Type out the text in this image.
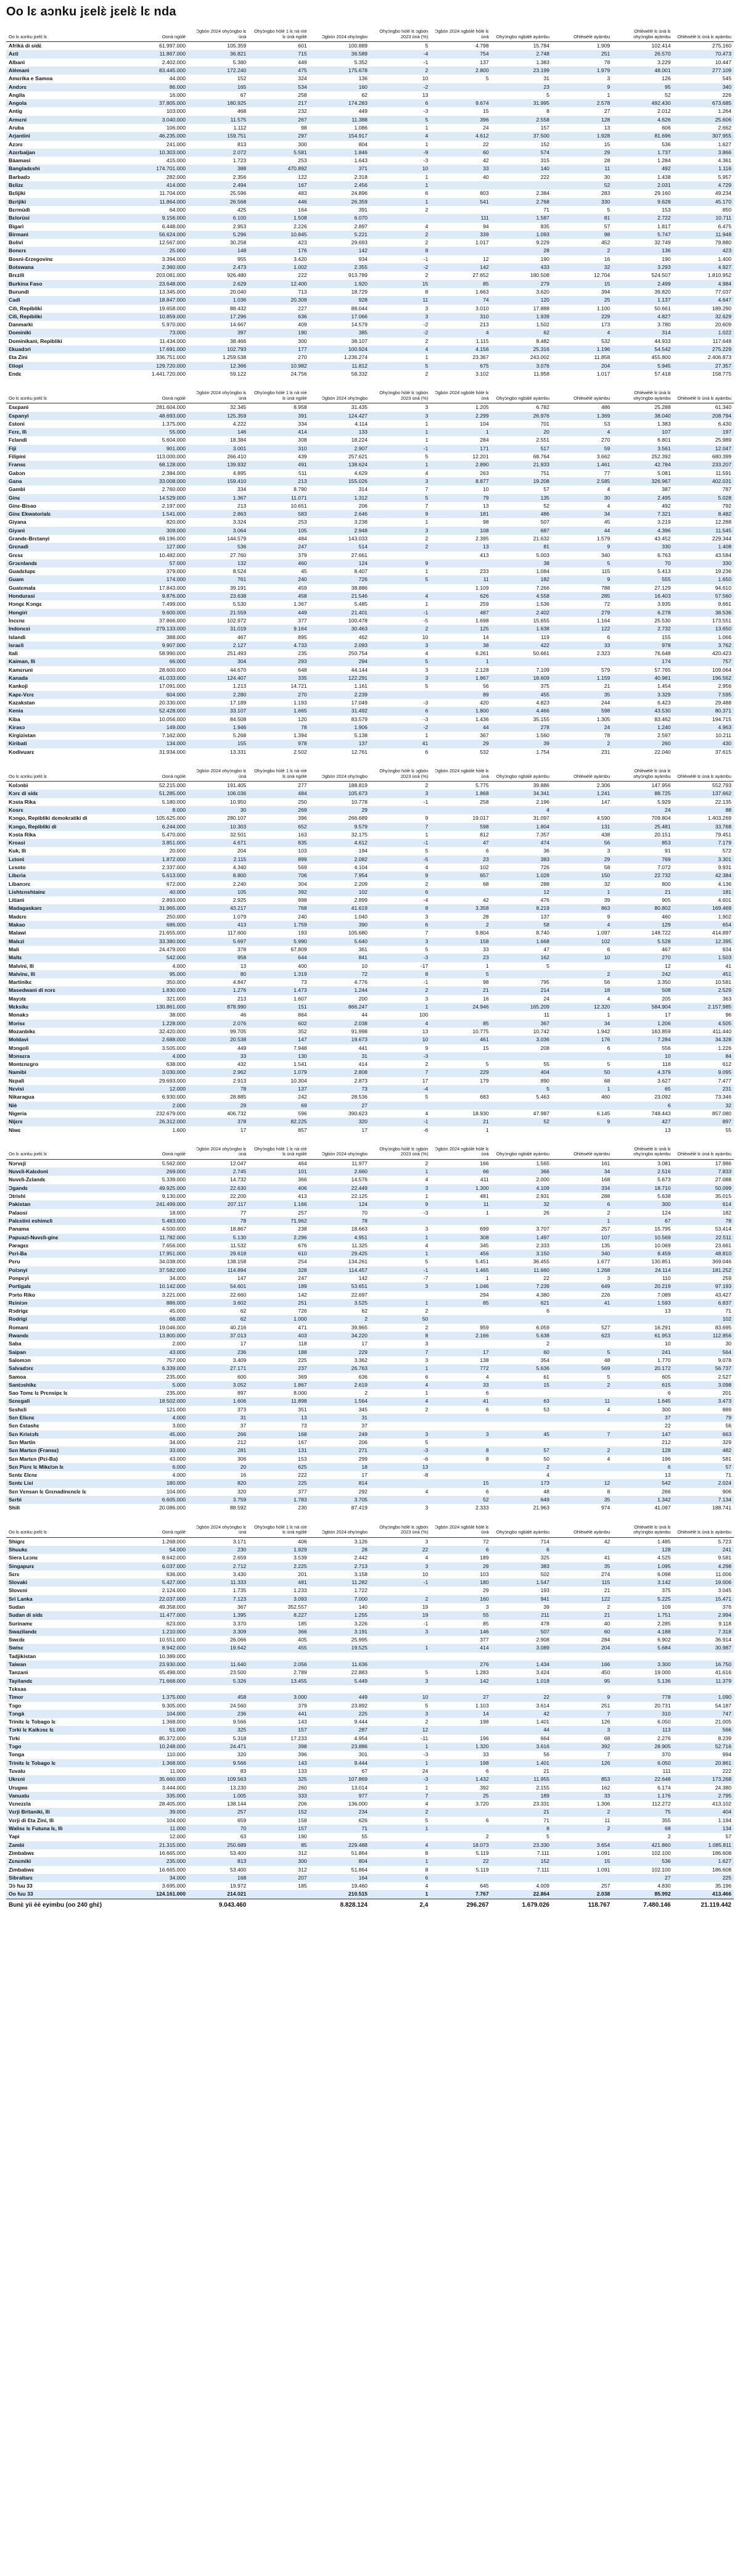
Oo lɛ aɔnku jɛelɛ̀ jɛelɛ̀ lɛ nda
Oo lɛ aɔnku jɛelɛ̀ lɛ	Oonà ngòlè	Ɔgbòn 2024 ohyɔ̀ngbo lɛ ùnà	Ohyɔ̀ngbo hòlè 1 lɛ nà nìè lɛ ùnà ngòlè	Ɔgbòn 2024 ohyɔ̀ngbo	Ohyɔ̀ngbo hòlè lɛ ɔgbòn 2023 ùnà (%)	Ɔgbòn 2024 ngbòlè hòlè lɛ ùnà	Ohyɔ̀ngbo ngbàlè ayàmbu	Ohlèwèlè ayàmbu	Ohlèwèlè lɛ ùnà lɛ ohyɔ̀ngbo ayàmbu	Ohlèwèlè lɛ ùnà lɛ ayàmbu
Afrikà di sídɛ̀	61.997.000	105.359	601	100.889	5	4.798	15.784	1.909	102.414	275.160
Aɛtì	11.867.000	36.821	715	36.589	-4	754	2.748	251	26.570	70.473
Albanì	2.402.000	5.380	449	5.352	-1	137	1.383	78	3.229	10.447
Alèmanì	83.445.000	172.240	475	175.678	2	2.800	23.199	1.979	48.001	277.109
Amɛrika e Samoa	44.000	152	324	136	10	5	31	3	126	545
Andɔrɛ	86.000	165	534	160	-2		23	9	95	340
Angila	16.000	67	258	62	13		5	1	52	226
Angola	37.805.000	180.925	217	174.283	6	9.674	31.995	2.578	492.430	673.685
Antig	103.000	468	232	449	-3	15	8	27	2.012	1.264
Armɛni	3.040.000	11.575	267	11.388	5	396	2.558	128	4.626	25.606
Aruba	106.000	1.112	98	1.086	1	24	157	13	606	2.662
Arjantinì	46.235.000	159.751	297	154.917	4	4.612	37.500	1.928	81.696	307.955
Azɔrɛ	241.000	813	300	804	1	22	152	15	536	1.627
Azɛrbaijan	10.303.000	2.072	5.581	1.846	-9	60	574	29	1.737	3.866
Bàamasì	415.000	1.723	253	1.643	-3	42	315	28	1.284	4.361
Bangladɛshì	174.701.000	388	470.892	371	10	33	140	11	492	1.116
Barbadɔ	282.000	2.356	122	2.318	1	40	222	30	1.438	5.957
Bɛlizɛ	414.000	2.494	167	2.456	1			52	2.031	4.729
Bɛlìjikì	11.704.000	25.596	483	24.896	6	803	2.384	283	29.160	49.234
Bɛrìjikì	11.864.000	26.568	446	26.359	1	541	2.768	330	9.628	45.170
Bɛrmùdì	64.000	425	164	391	2		71	5	153	850
Bɛlorùsi	9.156.000	6.100	1.508	6.070		111	1.587	81	2.722	10.711
Bìgarì	6.448.000	2.953	2.226	2.897	4	94	835	57	1.817	6.475
Birmanì	56.624.000	5.296	10.845	5.221	2	339	1.093	98	5.747	11.948
Bolivì	12.567.000	30.258	423	29.693	2	1.017	9.229	452	32.749	79.880
Bonɛrɛ	25.000	148	176	142	8		28	2	136	423
Bosnì-Ɛrzegovinɛ	3.394.000	955	3.420	934	-1	12	190	16	190	1.400
Botswana	2.360.000	2.473	1.002	2.355	-2	142	433	32	3.293	4.927
Brɛzilì	203.081.000	926.480	222	913.789	2	27.652	180.508	12.704	524.507	1.810.952
Burkina Faso	23.648.000	2.629	12.400	1.920	15	85	279	15	2.499	4.984
Burundì	13.345.000	20.040	713	18.729	8	1.663	3.620	394	39.820	77.037
Cadì	18.847.000	1.036	20.309	928	11	74	120	25	1.137	4.647
Cilì, Repibliki	19.658.000	88.432	227	88.044	3	3.010	17.888	1.100	50.661	189.290
Cilì, Repibliki	10.859.000	17.296	636	17.066	3	310	1.939	229	4.827	32.629
Danmarkì	5.970.000	14.667	409	14.579	-2	213	1.502	173	3.780	20.609
Dominikì	73.000	397	190	385	-2	4	62	4	314	1.022
Dominikanì, Repibliki	11.434.000	38.466	300	38.107	2	1.115	8.482	532	44.933	117.648
Ɛkuadɔrì	17.691.000	102.793	177	100.924	4	4.156	25.316	1.196	54.542	275.229
Ɛta Zini	336.751.000	1.259.538	270	1.236.274	1	23.367	243.002	11.858	455.800	2.406.873
Ɛtiopì	129.720.000	12.366	10.982	11.812	5	675	3.076	204	5.945	27.357
Endɛ	1.441.720.000	59.122	24.756	58.332	2	3.102	11.958	1.017	57.418	158.775
Oo lɛ aɔnku jɛelɛ̀ lɛ	Oonà ngòlè	Ɔgbòn 2024 ohyɔ̀ngbo lɛ ùnà	Ohyɔ̀ngbo hòlè 1 lɛ nà nìè lɛ ùnà ngòlè	Ɔgbòn 2024 ohyɔ̀ngbo	Ohyɔ̀ngbo hòlè lɛ ɔgbòn 2023 ùnà (%)	Ɔgbòn 2024 ngbòlè hòlè lɛ ùnà	Ohyɔ̀ngbo ngbàlè ayàmbu	Ohlèwèlè ayàmbu	Ohlèwèlè lɛ ùnà lɛ ohyɔ̀ngbo ayàmbu	Ohlèwèlè lɛ ùnà lɛ ayàmbu
Ɛsɛpanì	281.604.000	32.345	8.958	31.435	3	1.205	6.782	486	25.288	61.340
Ɛspanyì	48.693.000	125.359	391	124.427	3	2.299	26.976	1.369	38.040	208.794
Ɛstoni	1.375.000	4.222	334	4.114	1	104	701	53	1.383	6.430
Fɛrɛ, Ilì	55.000	146	414	133	1	1	20	4	107	197
Fɛlandì	5.604.000	18.384	308	18.224	1	284	2.551	270	6.801	25.989
Fiji	901.000	3.001	310	2.907	-1	171	517	59	3.561	12.047
Filipinì	113.000.000	266.410	439	257.621	5	12.201	68.764	3.662	252.392	680.399
Fransɛ	68.128.000	139.932	491	138.624	1	2.890	21.933	1.461	42.784	233.207
Gabɔn	2.384.000	4.895	511	4.629	4	263	751	77	5.081	11.591
Gana	33.008.000	159.410	213	155.026	3	8.877	19.208	2.585	326.967	402.031
Gambì	2.760.000	334	8.790	314	7	10	57	4	387	787
Ginɛ	14.529.000	1.367	11.071	1.312	5	79	135	30	2.495	5.028
Ginɛ-Bisao	2.197.000	213	10.651	206	7	13	52	4	492	792
Ginɛ Ekwatorialɛ	1.541.000	2.863	583	2.646	9	181	486	34	7.321	8.482
Giyana	820.000	3.324	253	3.238	1	98	507	45	3.219	12.288
Giyanì	309.000	3.064	105	2.948	3	108	687	44	4.396	11.545
Grandɛ-Brɛtanyi	69.196.000	144.579	484	143.033	2	2.395	21.632	1.579	43.452	229.344
Grɛnadì	127.000	536	247	514	2	13	81	9	330	1.408
Grɛsɛ	10.482.000	27.760	379	27.661		413	5.003	340	6.763	43.584
Grɔɛnlandɛ	57.000	132	460	124	9		38	5	70	330
Guadɛlupɛ	379.000	8.524	45	8.407	1	233	1.084	115	5.413	19.236
Guam	174.000	761	240	726	5	11	182	9	555	1.650
Guatɛmala	17.843.000	39.191	459	38.886		1.109	7.266	788	27.129	94.610
Hondurasì	9.876.000	23.638	458	21.546	4	626	4.558	285	16.403	57.560
Hɔngɛ Kɔngɛ	7.499.000	5.530	1.367	5.485	1	259	1.536	72	3.935	9.661
Hongirì	9.600.000	21.559	449	21.401	-1	487	2.402	279	6.278	38.536
Ìncɛnɛ	37.866.000	102.972	377	100.478	-5	1.698	15.655	1.164	25.530	173.551
Indonɛsì	279.133.000	31.019	9.164	30.463	2	125	1.638	122	2.732	13.650
Islandì	388.000	467	895	462	10	14	119	6	155	1.066
Israɛlì	9.907.000	2.127	4.733	2.093	3	38	422	33	978	3.762
Italì	58.990.000	251.493	235	250.754	4	6.261	50.661	2.323	76.648	420.423
Kaiman, Ilì	66.000	304	293	294	5	1			174	757
Kamɛrunì	28.600.000	44.670	648	44.144	3	2.128	7.109	579	57.765	109.064
Kanada	41.033.000	124.407	335	122.291	3	1.867	18.609	1.159	40.981	196.562
Kankojì	17.091.000	1.213	14.721	1.161	5	56	375	21	1.454	2.956
Kapɛ-Vɛrɛ	604.000	2.280	270	2.239		89	455	35	3.329	7.595
Kazakstan	20.330.000	17.189	1.193	17.049	-3	420	4.823	244	6.423	29.488
Kenia	52.428.000	33.107	1.665	31.492	6	1.800	4.466	598	43.530	80.371
Kiba	10.056.000	84.508	120	83.579	-3	1.436	35.155	1.305	83.462	194.715
Kirasɔ	149.000	1.946	78	1.906	-2	44	278	24	1.240	4.963
Kirgìzistan	7.162.000	5.268	1.394	5.138	1	367	1.560	78	2.597	10.211
Kiribati	134.000	155	978	137	41	29	39	2	260	430
Kodivuarɛ	31.934.000	13.331	2.502	12.761	6	532	1.754	231	22.040	37.615
Oo lɛ aɔnku jɛelɛ̀ lɛ	Oonà ngòlè	Ɔgbòn 2024 ohyɔ̀ngbo lɛ ùnà	Ohyɔ̀ngbo hòlè 1 lɛ nà nìè lɛ ùnà ngòlè	Ɔgbòn 2024 ohyɔ̀ngbo	Ohyɔ̀ngbo hòlè lɛ ɔgbòn 2023 ùnà (%)	Ɔgbòn 2024 ngbòlè hòlè lɛ ùnà	Ohyɔ̀ngbo ngbàlè ayàmbu	Ohlèwèlè ayàmbu	Ohlèwèlè lɛ ùnà lɛ ohyɔ̀ngbo ayàmbu	Ohlèwèlè lɛ ùnà lɛ ayàmbu
Kolɔnbì	52.215.000	191.405	277	188.819	2	5.775	39.886	2.306	147.956	552.793
Kɔrɛ di sídɛ	51.285.000	106.036	484	105.673	3	1.868	34.341	1.241	88.725	137.662
Kɔsta Rika	5.180.000	10.950	250	10.778	-1	258	2.196	147	5.929	22.135
Kosrɛ	8.000	30	269	29			4		24	88
Kɔngo, Repìbliki dɛmokratiki di	105.625.000	280.107	396	266.689	9	19.017	31.097	4.590	709.804	1.403.269
Kɔngo, Repìbliki di	6.244.000	10.303	652	9.579	7	598	1.804	131	25.481	33.768
Kɔsta Rika	5.470.000	32.501	163	32.175	1	812	7.357	438	20.151	79.451
Kroasì	3.851.000	4.671	835	4.612	-1	47	474	56	853	7.179
Kuk, Ilì	20.000	204	103	194	5	6	36	3	91	572
Lɛtonì	1.872.000	2.115	899	2.082	-5	23	383	29	769	3.301
Lɛsoto	2.337.000	4.340	569	4.104	4	102	726	58	7.072	9.931
Libɛrìa	5.613.000	8.800	706	7.954	9	657	1.028	150	22.732	42.384
Libanɔrɛ	672.000	2.240	304	2.209	2	68	288	32	800	4.136
Lishtɛnshtainɛ	40.000	105	392	102	6		12	1	21	181
Litianì	2.893.000	2.925	998	2.899	-4	42	476	39	905	4.601
Madagaskarɛ	31.965.000	43.217	768	41.619	8	3.358	8.219	863	80.802	169.469
Madɛrɛ	250.000	1.079	240	1.040	3	28	137	9	460	1.902
Makao	686.000	413	1.759	390	6	2	58	4	129	654
Malawi	21.655.000	117.600	193	105.680	7	9.804	8.740	1.097	148.722	414.897
Malɛzì	33.380.000	5.697	5.990	5.640	3	158	1.668	102	5.528	12.395
Mali	24.479.000	378	67.809	361	5	33	47	6	467	934
Maltɛ	542.000	958	644	841	-3	23	162	10	270	1.503
Malvinì, Ilì	4.000	13	400	10	-17	1	5		12	41
Malvinɛ, Ilì	95.000	80	1.319	72	8	5		2	242	451
Martinikɛ	350.000	4.847	73	4.776	-1	98	795	56	3.350	10.581
Masedwanì di nɔrɛ	1.830.000	1.276	1.473	1.244	2	21	214	18	508	2.529
Mayɔtɛ	321.000	213	1.607	200	3	16	24	4	205	363
Mɛksikɛ	130.861.000	878.990	151	866.247	1	24.946	165.209	12.320	584.904	2.157.985
Monakɔ	38.000	46	864	44	100		11	1	17	96
Mɔrisɛ	1.228.000	2.076	602	2.038	4	85	367	34	1.206	4.505
Mozanbikɛ	32.420.000	99.705	352	91.998	13	10.775	10.742	1.942	163.859	411.440
Moldavì	2.688.000	20.538	147	19.673	10	461	3.036	176	7.284	34.328
Mɔngolì	3.505.000	449	7.948	441	9	15	208	6	556	1.226
Mɔnsɛra	4.000	33	130	31	-3				10	84
Montɛnɛgro	638.000	432	1.541	414	2	5	55	5	118	612
Namibì	3.030.000	2.962	1.079	2.808	7	229	404	50	4.379	9.095
Nɛpalì	29.693.000	2.913	10.304	2.873	17	179	890	68	3.627	7.477
Nɛvisì	12.000	78	137	73	-4		5	1	65	231
Nikaragua	6.930.000	28.885	242	28.536	5	683	5.463	460	23.092	73.346
Niè	2.000	29	69	27					6	32
Nìgeria	232.679.000	406.732	596	390.623	4	18.930	47.987	6.145	748.443	857.080
Nìjɛrɛ	26.312.000	378	82.225	320	-1	21	52	9	427	897
Nìwɛ	1.600	17	857	17	-6	1			13	55
Oo lɛ aɔnku jɛelɛ̀ lɛ	Oonà ngòlè	Ɔgbòn 2024 ohyɔ̀ngbo lɛ ùnà	Ohyɔ̀ngbo hòlè 1 lɛ nà nìè lɛ ùnà ngòlè	Ɔgbòn 2024 ohyɔ̀ngbo	Ohyɔ̀ngbo hòlè lɛ ɔgbòn 2023 ùnà (%)	Ɔgbòn 2024 ngbòlè hòlè lɛ ùnà	Ohyɔ̀ngbo ngbàlè ayàmbu	Ohlèwèlè ayàmbu	Ohlèwèlè lɛ ùnà lɛ ohyɔ̀ngbo ayàmbu	Ohlèwèlè lɛ ùnà lɛ ayàmbu
Nɔrvɛjì	5.562.000	12.047	464	11.977	2	166	1.565	161	3.081	17.986
Nuvɛlì-Kalɛdonì	269.000	2.745	101	2.660	1	66	366	34	2.516	7.833
Nuvɛlì-Zɛlandɛ	5.339.000	14.732	366	14.576	4	411	2.000	168	5.673	27.088
Ɔgandɛ	49.925.000	22.630	406	22.449	3	1.300	4.109	334	18.710	50.099
Ɔtrishì	9.130.000	22.200	413	22.125	1	481	2.931	288	5.638	35.015
Pakistan	241.499.000	207.117	1.166	124	9	11	32	6	300	614
Palaosì	18.000	77	257	70	-3	1	26	2	124	182
Palɛstinì eshimɛlì	5.483.000	78	71.962	78				1	67	78
Panama	4.500.000	18.867	238	18.663	3	699	3.707	257	15.795	53.414
Papuazì-Nuvɛlì-ginɛ	11.782.000	5.130	2.296	4.951	1	308	1.497	107	10.569	22.511
Paragɛɛ	7.656.000	11.532	676	11.325	4	345	2.333	135	10.069	23.661
Pɛri-Ba	17.951.000	29.618	610	29.425	1	456	3.150	340	8.459	48.810
Pɛru	34.038.000	138.158	254	134.261	5	5.451	36.455	1.677	130.851	369.046
Polɔnyi	37.582.000	114.894	328	114.457	-1	1.465	11.660	1.268	24.114	181.252
Ponpɛyì	34.000	147	247	142	-7	1	22	3	110	259
Portigalɛ	10.142.000	54.601	189	53.651	3	1.046	7.239	649	20.219	97.193
Pɔrto Riko	3.221.000	22.660	142	22.697		294	4.380	226	7.089	43.427
Rɛiniɔn	886.000	3.602	251	3.525	1	85	621	41	1.593	6.837
Rɔdrigɛ	45.000	62	726	62	2		6		13	71
Rodrigi	66.000	62	1.000	2	50					102
Romanì	19.046.000	40.216	471	39.965	2	959	6.059	527	16.291	83.695
Rwandɛ	13.800.000	37.013	403	34.220	8	2.166	5.638	623	61.953	112.856
Saba	2.000	17	118	17	3		2		10	30
Saipan	43.000	236	188	229	7	17	60	5	241	564
Salomɔn	757.000	3.409	225	3.362	3	138	354	48	1.770	9.078
Salvadɔrɛ	6.339.000	27.171	237	26.763	1	772	5.636	569	20.172	56.737
Samoa	235.000	600	369	636	6	4	61	5	605	2.527
Santɔshikɛ	5.000	3.052	1.867	2.619	4	33	15	2	615	3.098
Sao Tomɛ lɛ Prɛnsipɛ lɛ	235.000	897	8.000	2	1	6			6	201
Sɛnɛgalì	18.502.000	1.606	11.898	1.564	4	41	63	11	1.645	3.473
Sɛshɛlì	121.000	373	351	345	2	6	53	4	300	889
Sɛn Eliɛnɛ	4.000	31	13	31					37	79
Sɛn Ɛstashɛ	3.000	37	73	37					22	56
Sɛn Kristɔfɛ	45.000	266	168	249	3	3	45	7	147	663
Sɛn Martin	34.000	212	167	206	5				212	329
Sɛn Martɛn (Fransɛ)	33.000	281	131	271	-3	8	57	2	128	482
Sɛn Martɛn (Pɛi-Ba)	43.000	306	153	299	-6	8	50	4	196	581
Sɛn Piɛrɛ lɛ Mikɛlɔn lɛ	6.000	20	625	18	13		2		6	57
Sɛntɛ Ɛlɛnɛ	4.000	16	222	17	-8		4		13	71
Sɛntɛ Lisi	180.000	820	225	814		15	173	12	542	2.024
Sɛn Vɛnsan lɛ Grɛnadinɛnɛlɛ lɛ	104.000	320	377	292	4	6	48	8	266	906
Sɛrbì	6.605.000	3.759	1.783	3.705		52	649	35	1.342	7.134
Shilì	20.086.000	88.592	230	87.419	3	2.333	21.963	974	41.097	188.741
Oo lɛ aɔnku jɛelɛ̀ lɛ	Oonà ngòlè	Ɔgbòn 2024 ohyɔ̀ngbo lɛ ùnà	Ohyɔ̀ngbo hòlè 1 lɛ nà nìè lɛ ùnà ngòlè	Ɔgbòn 2024 ohyɔ̀ngbo	Ohyɔ̀ngbo hòlè lɛ ɔgbòn 2023 ùnà (%)	Ɔgbòn 2024 ngbòlè hòlè lɛ ùnà	Ohyɔ̀ngbo ngbàlè ayàmbu	Ohlèwèlè ayàmbu	Ohlèwèlè lɛ ùnà lɛ ohyɔ̀ngbo ayàmbu	Ohlèwèlè lɛ ùnà lɛ ayàmbu
Shigrɛ	1.268.000	3.171	406	3.126	3	72	714	42	1.485	5.723
Shuukɛ	54.000	230	1.929	28	22	6	6		128	241
Siera Lɛɔnɛ	8.642.000	2.659	3.539	2.442	4	189	325	41	4.525	9.581
Singapurɛ	6.037.000	2.712	2.225	2.713	3	29	383	35	1.095	4.298
Sɛrɛ	636.000	3.430	201	3.158	10	103	502	274	6.098	11.006
Slovakì	5.427.000	11.333	481	11.282	-1	180	1.547	115	3.142	19.006
Slovɛni	2.124.000	1.735	1.233	1.722		29	193	21	375	3.045
Sri Lanka	22.037.000	7.123	3.093	7.000	2	160	941	122	5.225	15.471
Sudan	49.358.000	367	352.557	140	19	3	39	2	109	376
Sudan di sídɛ	11.477.000	1.395	8.227	1.255	19	55	211	21	1.751	2.994
Surinamɛ	623.000	3.370	185	3.226	-1	85	478	40	2.285	9.118
Swazìlandɛ	1.210.000	3.309	366	3.191	3	146	507	60	4.188	7.318
Swɛdɛ	10.551.000	26.066	405	25.995		377	2.908	284	6.902	36.914
Swisɛ	8.942.000	19.642	455	19.525	1	414	3.089	204	5.684	30.987
Tadjikistan	10.389.000									
Taiwan	23.930.000	11.640	2.056	11.636		276	1.434	166	3.300	16.750
Tanzanì	65.498.000	23.500	2.789	22.883	5	1.283	3.424	450	19.000	41.616
Tayilandɛ	71.668.000	5.326	13.455	5.449	3	142	1.018	95	5.136	11.379
Tɛksas										
Timor	1.375.000	458	3.000	449	10	27	22	9	778	1.090
Tɔgo	9.305.000	24.560	379	23.892	5	1.103	3.614	251	20.731	54.187
Tɔngà	104.000	236	441	225	3	14	42	7	310	747
Trinitɛ lɛ Tobago lɛ	1.368.000	9.566	143	9.444	2	198	1.401	126	6.050	21.005
Tɔrki lɛ Kaikɔsɛ lɛ	51.000	325	157	287	12		44	3	113	566
Tìrki	85.372.000	5.318	17.233	4.954	-11	196	664	68	2.276	8.239
Tɔgo	10.248.000	24.471	398	23.886	1	1.320	3.616	392	28.905	52.716
Tonga	110.000	320	396	301	-3	33	56	7	370	994
Trinitɛ lɛ Tobago lɛ	1.368.000	9.566	143	9.444	1	198	1.401	126	6.050	20.861
Tuvalu	11.000	83	133	67	24	6	21		111	222
Ukrɛnì	35.660.000	109.563	325	107.869	-3	1.432	11.955	853	22.648	173.268
Urugwɛ	3.444.000	13.230	260	13.014	1	392	2.155	162	6.174	24.380
Vanuatu	335.000	1.005	333	977	7	25	189	33	1.176	2.795
Vɛnezɛla	28.405.000	138.144	206	136.000	4	3.720	23.331	1.306	112.272	413.102
Vɛrji Britanikì, Ilì	39.000	257	152	234	2		21	2	75	404
Vɛrji di Ɛta Zini, Ilì	104.000	659	158	626	5	6	71	11	355	1.194
Walisɛ lɛ Futuna lɛ, Ilì	11.000	70	157	71	1		8	2	68	134
Yapì	12.000	63	190	55		2	5		2	57
Zambì	21.315.000	250.689	85	229.488	4	18.073	23.330	3.654	421.860	1.085.811
Zimbabwɛ	16.665.000	53.400	312	51.864	8	5.119	7.111	1.091	102.100	186.608
Zɛnɛmikì	235.000	813	300	804	1	22	152	15	536	1.627
Zimbabwɛ	16.665.000	53.400	312	51.864	8	5.119	7.111	1.091	102.100	186.608
Sìbraltarɛ	34.000	168	207	164	6				27	225
Ɔɔ̀ fuu 33	3.695.000	19.972	185	19.460	4	645	4.009	257	4.830	35.196
Oo fuu 33	124.161.000	214.021		210.515	1	7.767	22.864	2.038	85.992	413.466
Bunɛ̀ yii èè eyimbu (oo 240 ghɛ̀)		9.043.460		8.828.124	2,4	296.267	1.679.026	118.767	7.480.146	21.119.442
